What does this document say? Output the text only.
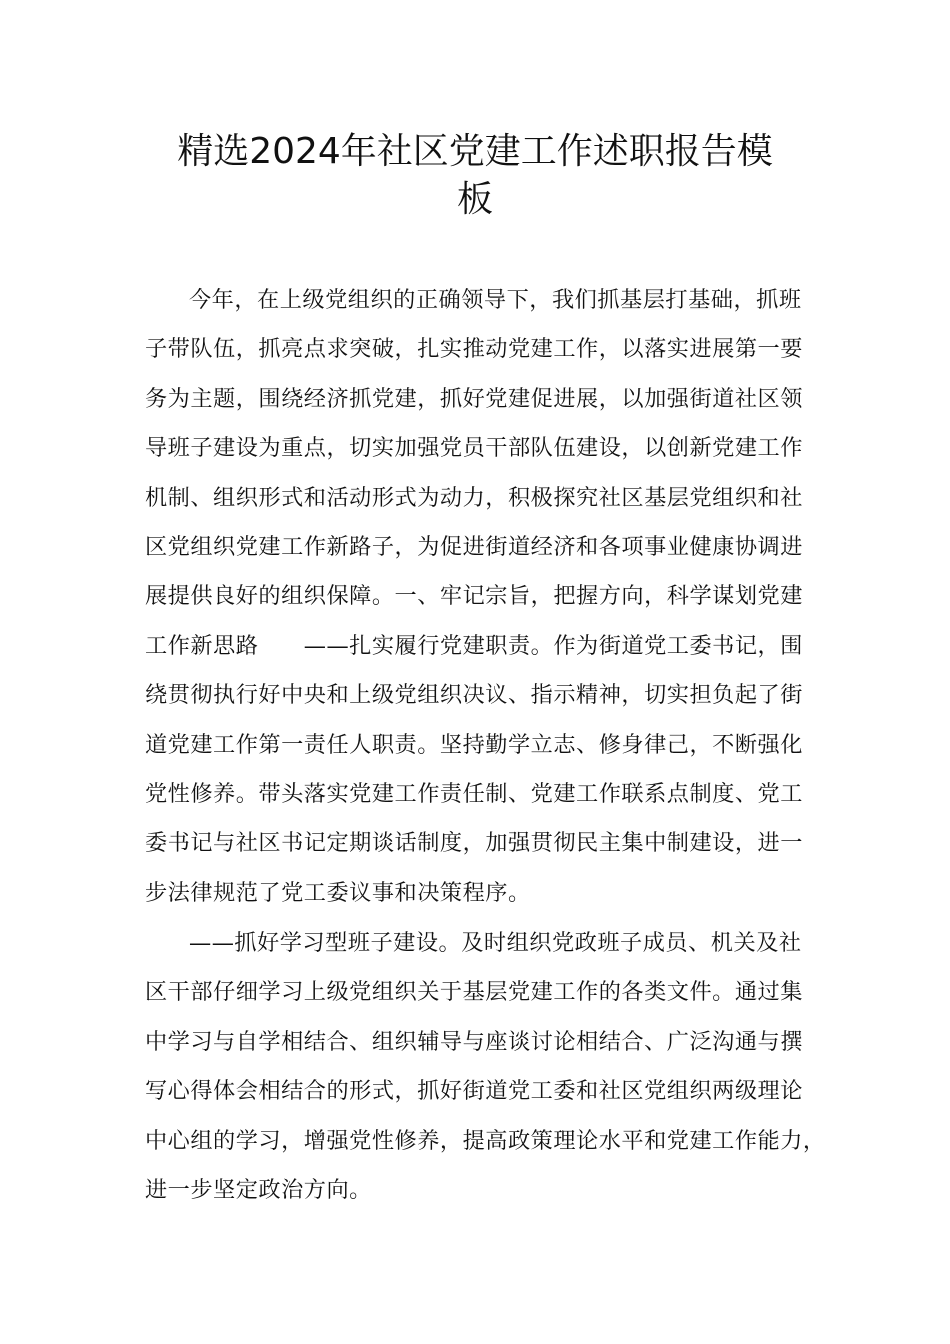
精选2024年社区党建工作述职报告模
板
今年，在上级党组织的正确领导下，我们抓基层打基础，抓班
子带队伍，抓亮点求突破，扎实推动党建工作，以落实进展第一要
务为主题，围绕经济抓党建，抓好党建促进展，以加强街道社区领
导班子建设为重点，切实加强党员干部队伍建设，以创新党建工作
机制、组织形式和活动形式为动力，积极探究社区基层党组织和社
区党组织党建工作新路子，为促进街道经济和各项事业健康协调进
展提供良好的组织保障。一、牢记宗旨，把握方向，科学谋划党建
工作新思路　　——扎实履行党建职责。作为街道党工委书记，围
绕贯彻执行好中央和上级党组织决议、指示精神，切实担负起了街
道党建工作第一责任人职责。坚持勤学立志、修身律己，不断强化
党性修养。带头落实党建工作责任制、党建工作联系点制度、党工
委书记与社区书记定期谈话制度，加强贯彻民主集中制建设，进一
步法律规范了党工委议事和决策程序。
——抓好学习型班子建设。及时组织党政班子成员、机关及社
区干部仔细学习上级党组织关于基层党建工作的各类文件。通过集
中学习与自学相结合、组织辅导与座谈讨论相结合、广泛沟通与撰
写心得体会相结合的形式，抓好街道党工委和社区党组织两级理论
中心组的学习，增强党性修养，提高政策理论水平和党建工作能力，
进一步坚定政治方向。
